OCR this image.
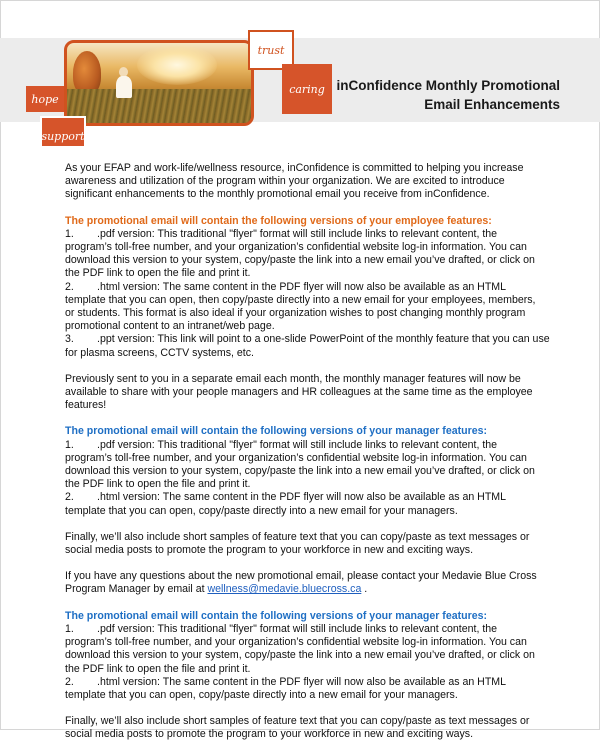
trust
caring
hope
support
inConfidence Monthly Promotional
Email Enhancements
As your EFAP and work-life/wellness resource, inConfidence is committed to helping you increase
awareness and utilization of the program within your organization. We are excited to introduce
significant enhancements to the monthly promotional email you receive from inConfidence.
The promotional email will contain the following versions of your employee features:
1. .pdf version: This traditional "flyer" format will still include links to relevant content, the
program’s toll-free number, and your organization’s confidential website log-in information. You can
download this version to your system, copy/paste the link into a new email you’ve drafted, or click on
the PDF link to open the file and print it.
2. .html version: The same content in the PDF flyer will now also be available as an HTML
template that you can open, then copy/paste directly into a new email for your employees, members,
or students. This format is also ideal if your organization wishes to post changing monthly program
promotional content to an intranet/web page.
3. .ppt version: This link will point to a one-slide PowerPoint of the monthly feature that you can use
for plasma screens, CCTV systems, etc.
Previously sent to you in a separate email each month, the monthly manager features will now be
available to share with your people managers and HR colleagues at the same time as the employee
features!
The promotional email will contain the following versions of your manager features:
1. .pdf version: This traditional "flyer" format will still include links to relevant content, the
program’s toll-free number, and your organization’s confidential website log-in information. You can
download this version to your system, copy/paste the link into a new email you’ve drafted, or click on
the PDF link to open the file and print it.
2. .html version: The same content in the PDF flyer will now also be available as an HTML
template that you can open, copy/paste directly into a new email for your managers.
Finally, we’ll also include short samples of feature text that you can copy/paste as text messages or
social media posts to promote the program to your workforce in new and exciting ways.
If you have any questions about the new promotional email, please contact your Medavie Blue Cross
Program Manager by email at wellness@medavie.bluecross.ca .
The promotional email will contain the following versions of your manager features:
1. .pdf version: This traditional "flyer" format will still include links to relevant content, the
program’s toll-free number, and your organization’s confidential website log-in information. You can
download this version to your system, copy/paste the link into a new email you’ve drafted, or click on
the PDF link to open the file and print it.
2. .html version: The same content in the PDF flyer will now also be available as an HTML
template that you can open, copy/paste directly into a new email for your managers.
Finally, we’ll also include short samples of feature text that you can copy/paste as text messages or
social media posts to promote the program to your workforce in new and exciting ways.
